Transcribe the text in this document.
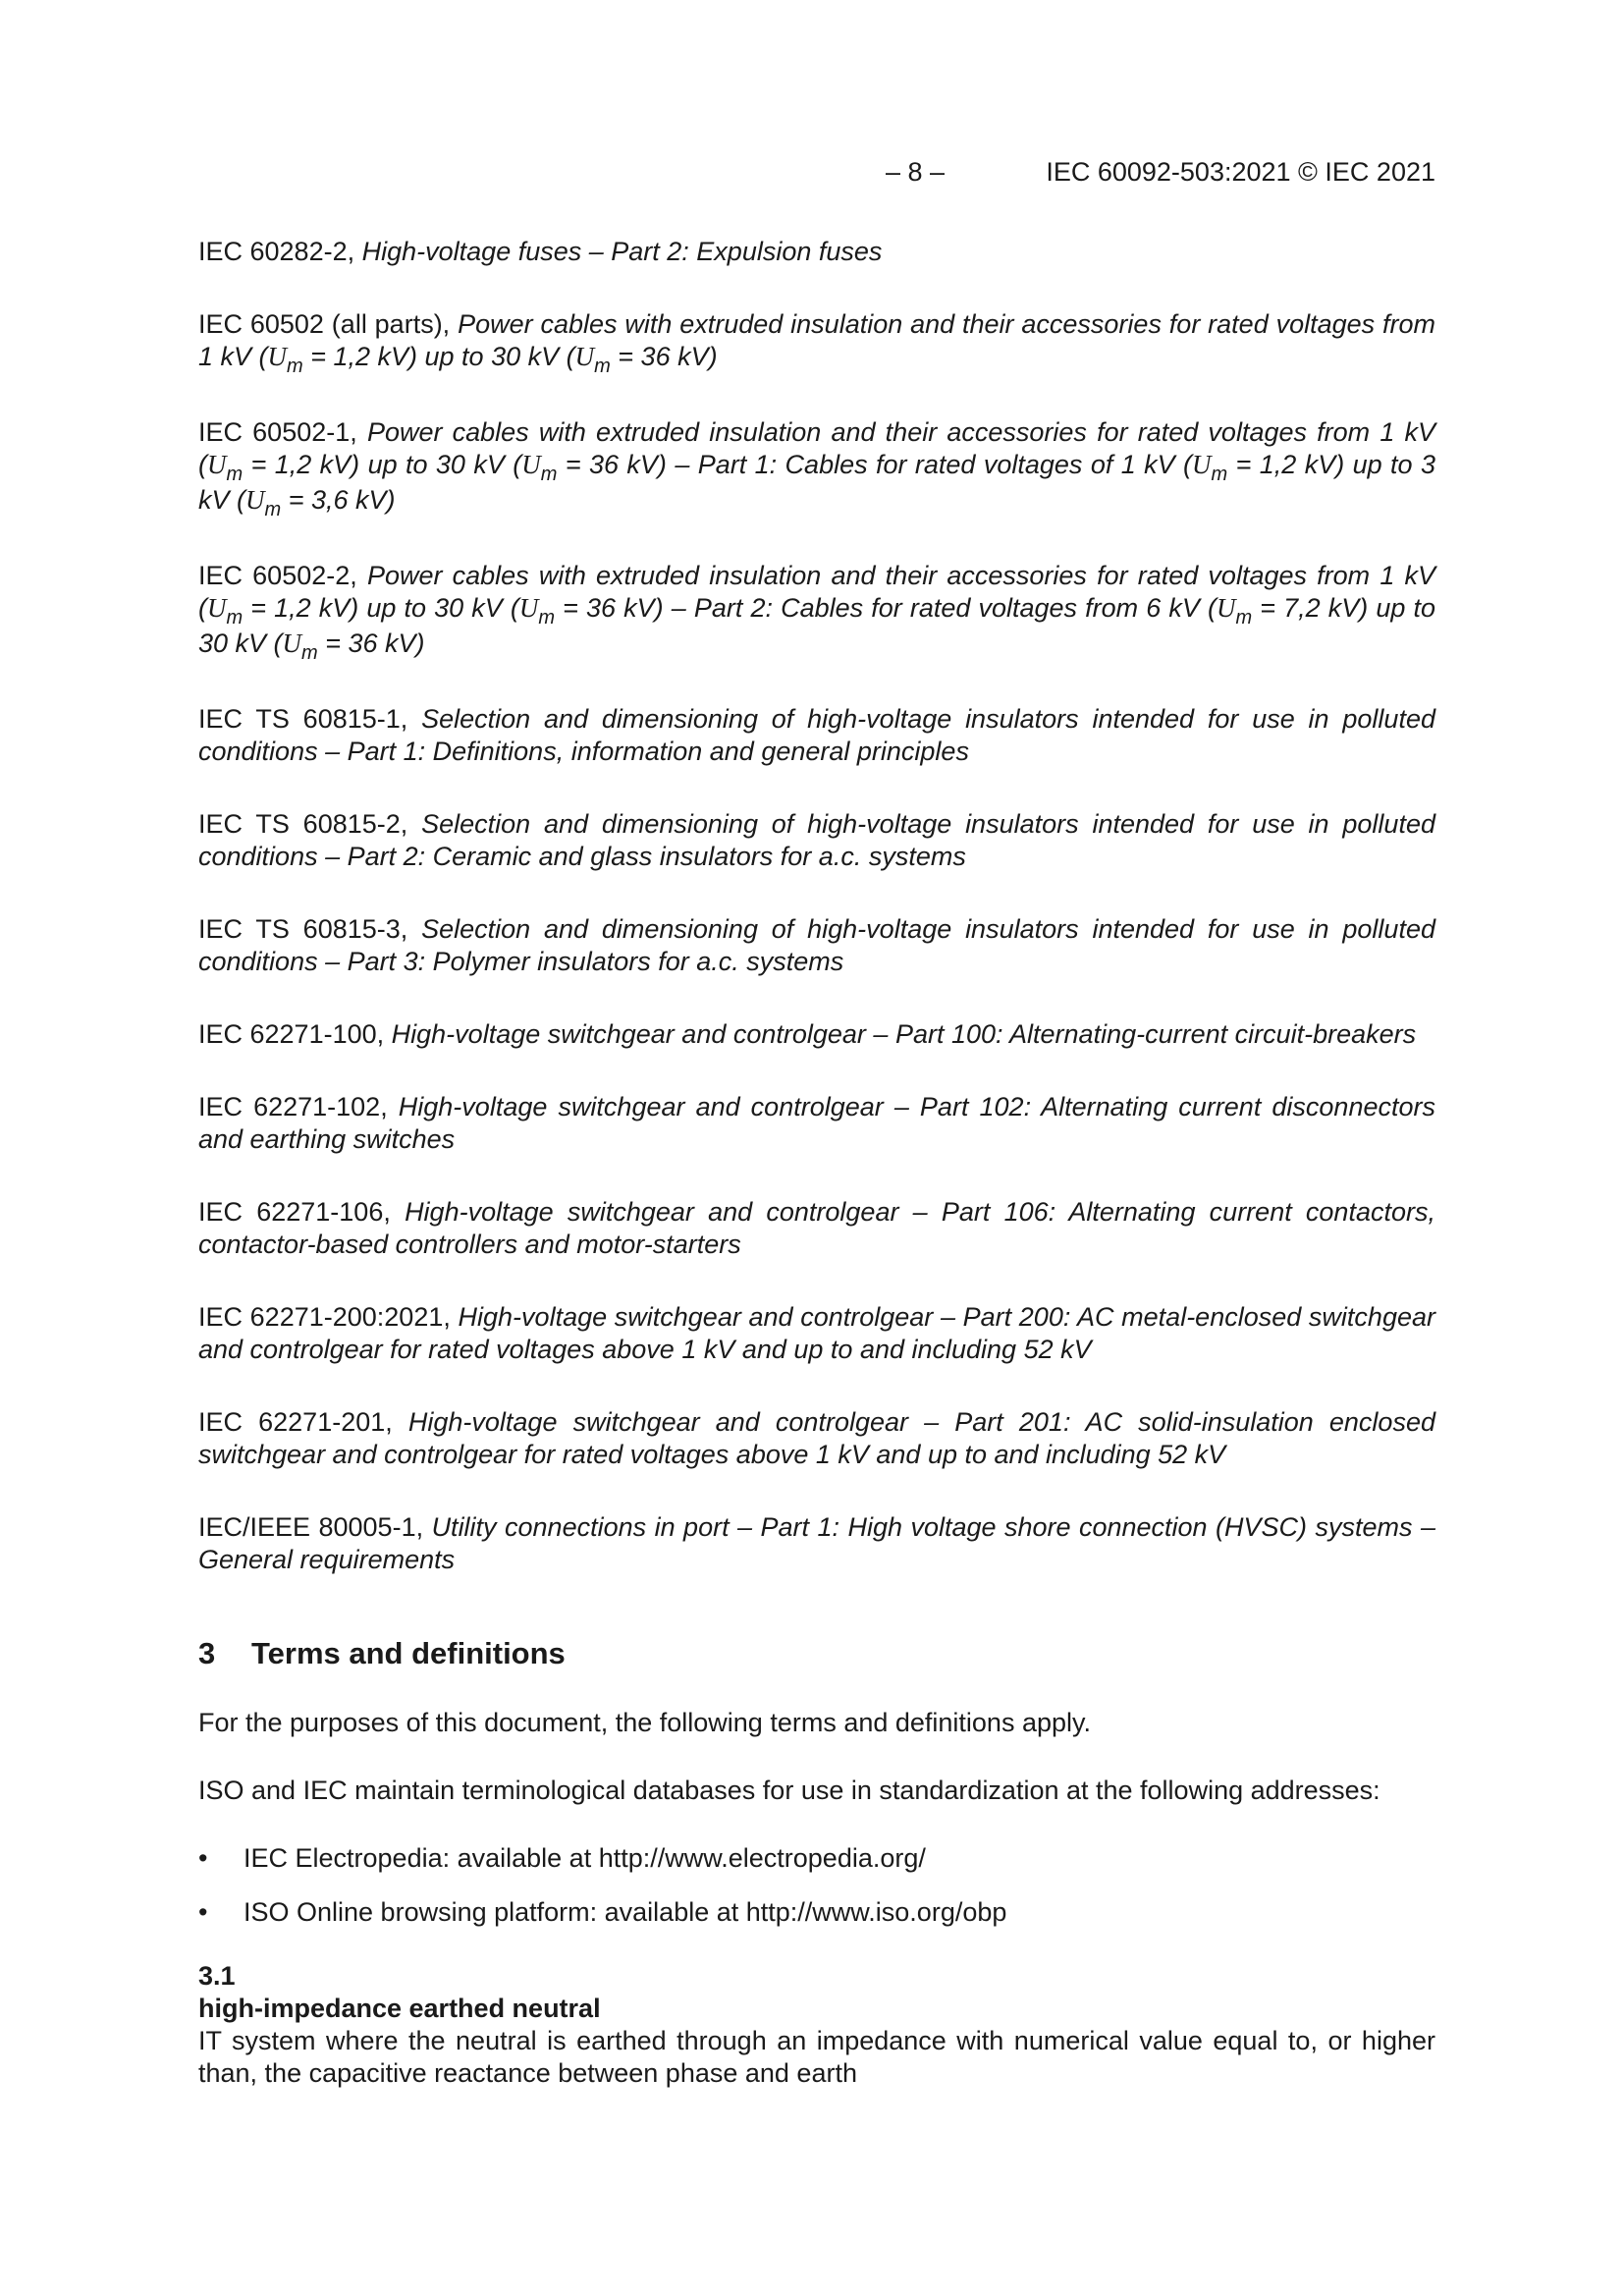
– 8 –	IEC 60092-503:2021 © IEC 2021
IEC 60282-2, High-voltage fuses – Part 2: Expulsion fuses
IEC 60502 (all parts), Power cables with extruded insulation and their accessories for rated voltages from 1 kV ($U_m = 1,2$ kV) up to 30 kV ($U_m = 36$ kV)
IEC 60502-1, Power cables with extruded insulation and their accessories for rated voltages from 1 kV ($U_m = 1,2$ kV) up to 30 kV ($U_m = 36$ kV) – Part 1: Cables for rated voltages of 1 kV ($U_m = 1,2$ kV) up to 3 kV ($U_m = 3,6$ kV)
IEC 60502-2, Power cables with extruded insulation and their accessories for rated voltages from 1 kV ($U_m = 1,2$ kV) up to 30 kV ($U_m = 36$ kV) – Part 2: Cables for rated voltages from 6 kV ($U_m = 7,2$ kV) up to 30 kV ($U_m = 36$ kV)
IEC TS 60815-1, Selection and dimensioning of high-voltage insulators intended for use in polluted conditions – Part 1: Definitions, information and general principles
IEC TS 60815-2, Selection and dimensioning of high-voltage insulators intended for use in polluted conditions – Part 2: Ceramic and glass insulators for a.c. systems
IEC TS 60815-3, Selection and dimensioning of high-voltage insulators intended for use in polluted conditions – Part 3: Polymer insulators for a.c. systems
IEC 62271-100, High-voltage switchgear and controlgear – Part 100: Alternating-current circuit-breakers
IEC 62271-102, High-voltage switchgear and controlgear – Part 102: Alternating current disconnectors and earthing switches
IEC 62271-106, High-voltage switchgear and controlgear – Part 106: Alternating current contactors, contactor-based controllers and motor-starters
IEC 62271-200:2021, High-voltage switchgear and controlgear – Part 200: AC metal-enclosed switchgear and controlgear for rated voltages above 1 kV and up to and including 52 kV
IEC 62271-201, High-voltage switchgear and controlgear – Part 201: AC solid-insulation enclosed switchgear and controlgear for rated voltages above 1 kV and up to and including 52 kV
IEC/IEEE 80005-1, Utility connections in port – Part 1: High voltage shore connection (HVSC) systems – General requirements
3 Terms and definitions

For the purposes of this document, the following terms and definitions apply.

ISO and IEC maintain terminological databases for use in standardization at the following addresses:

•	IEC Electropedia: available at http://www.electropedia.org/
•	ISO Online browsing platform: available at http://www.iso.org/obp
3.1
high-impedance earthed neutral
IT system where the neutral is earthed through an impedance with numerical value equal to, or higher than, the capacitive reactance between phase and earth
